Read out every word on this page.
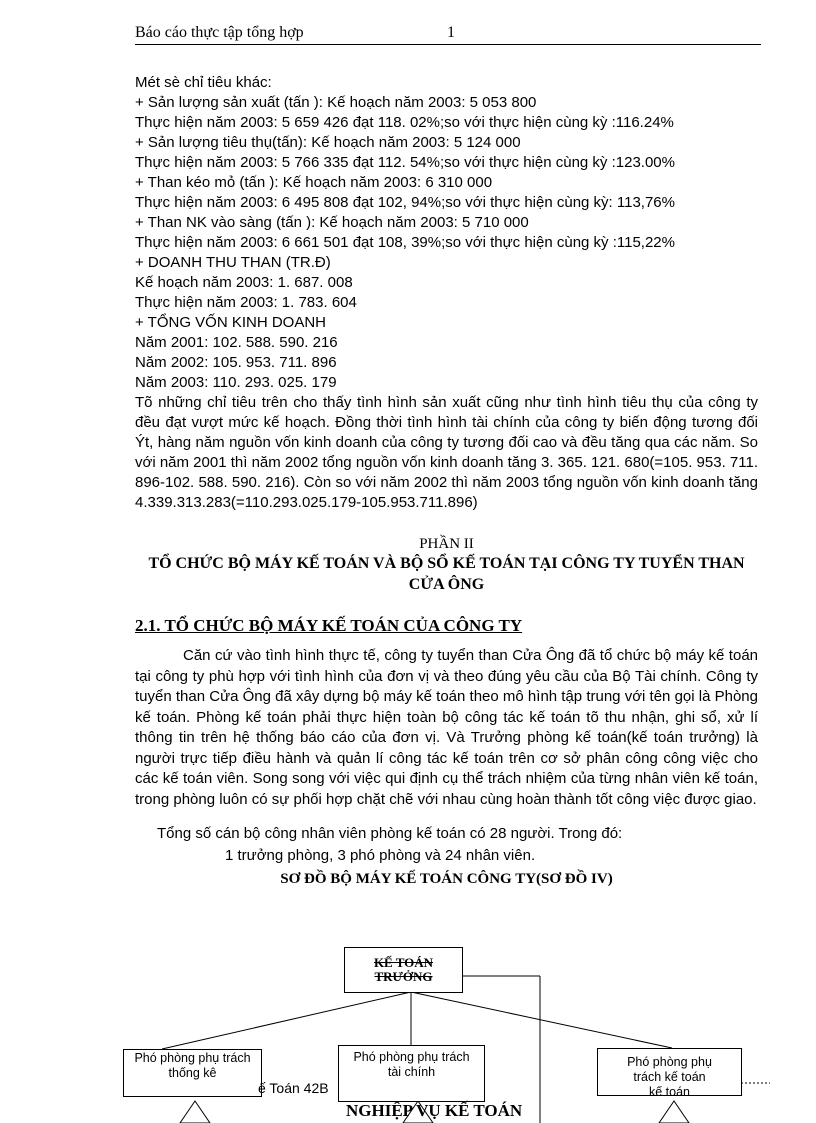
Báo cáo thực tập tổng hợp	1
Mét sè chỉ tiêu khác:
+ Sản lượng sản xuất (tấn ): Kế hoạch năm 2003: 5 053 800
Thực hiện năm 2003: 5 659 426 đạt 118. 02%;so với thực hiện cùng kỳ :116.24%
+ Sản lượng tiêu thụ(tấn): Kế hoạch năm 2003: 5 124 000
Thực hiện năm 2003: 5 766 335 đạt 112. 54%;so với thực hiện cùng kỳ :123.00%
+ Than kéo mỏ (tấn ): Kế hoạch năm 2003: 6 310 000
Thực hiện năm 2003: 6 495 808 đạt 102, 94%;so với thực hiện cùng kỳ: 113,76%
+ Than NK vào sàng (tấn ): Kế hoạch năm 2003: 5 710 000
Thực hiện năm 2003: 6 661 501 đạt 108, 39%;so với thực hiện cùng kỳ :115,22%
+ DOANH THU THAN (TR.Đ)
Kế hoạch năm 2003: 1. 687. 008
Thực hiện năm 2003: 1. 783. 604
+ TỔNG VỐN KINH DOANH
Năm 2001: 102. 588. 590. 216
Năm 2002: 105. 953. 711. 896
Năm 2003: 110. 293. 025. 179
Tõ những chỉ tiêu trên cho thấy tình hình sản xuất cũng như tình hình tiêu thụ của công ty đều đạt vượt mức kế hoạch. Đồng thời tình hình tài chính của công ty biến động tương đối Ýt, hàng năm nguồn vốn kinh doanh của công ty tương đối cao và đều tăng qua các năm. So với năm 2001 thì năm 2002 tổng nguồn vốn kinh doanh tăng 3. 365. 121. 680(=105. 953. 711. 896-102. 588. 590. 216). Còn so với năm 2002 thì năm 2003 tổng nguồn vốn kinh doanh tăng 4.339.313.283(=110.293.025.179-105.953.711.896)
PHẦN II
TỔ CHỨC BỘ MÁY KẾ TOÁN VÀ BỘ SỔ KẾ TOÁN TẠI CÔNG TY TUYỂN THAN CỬA ÔNG
2.1. TỔ CHỨC BỘ MÁY KẾ TOÁN CỦA CÔNG TY
Căn cứ vào tình hình thực tế, công ty tuyển than Cửa Ông đã tổ chức bộ máy kế toán tại công ty phù hợp với tình hình của đơn vị và theo đúng yêu cầu của Bộ Tài chính. Công ty tuyển than Cửa Ông đã xây dựng bộ máy kế toán theo mô hình tập trung với tên gọi là Phòng kế toán. Phòng kế toán phải thực hiện toàn bộ công tác kế toán tõ thu nhận, ghi sổ, xử lí thông tin trên hệ thống báo cáo của đơn vị. Và Trưởng phòng kế toán(kế toán trưởng) là người trực tiếp điều hành và quản lí công tác kế toán trên cơ sở phân công công việc cho các kế toán viên. Song song với việc qui định cụ thể trách nhiệm của từng nhân viên kế toán, trong phòng luôn có sự phối hợp chặt chẽ với nhau cùng hoàn thành tốt công việc được giao.
Tổng số cán bộ công nhân viên phòng kế toán có 28 người. Trong đó:
1 trưởng phòng, 3 phó phòng và 24 nhân viên.
SƠ ĐỒ BỘ MÁY KẾ TOÁN CÔNG TY(SƠ ĐỒ IV)
KẾ TOÁN
TRƯỞNG
Phó phòng phụ trách
thống kê
Phó phòng phụ trách
tài chính
Phó phòng phụ
trách kế toán
kế toán
ế Toán 42B
NGHIỆP VỤ KẾ TOÁN
